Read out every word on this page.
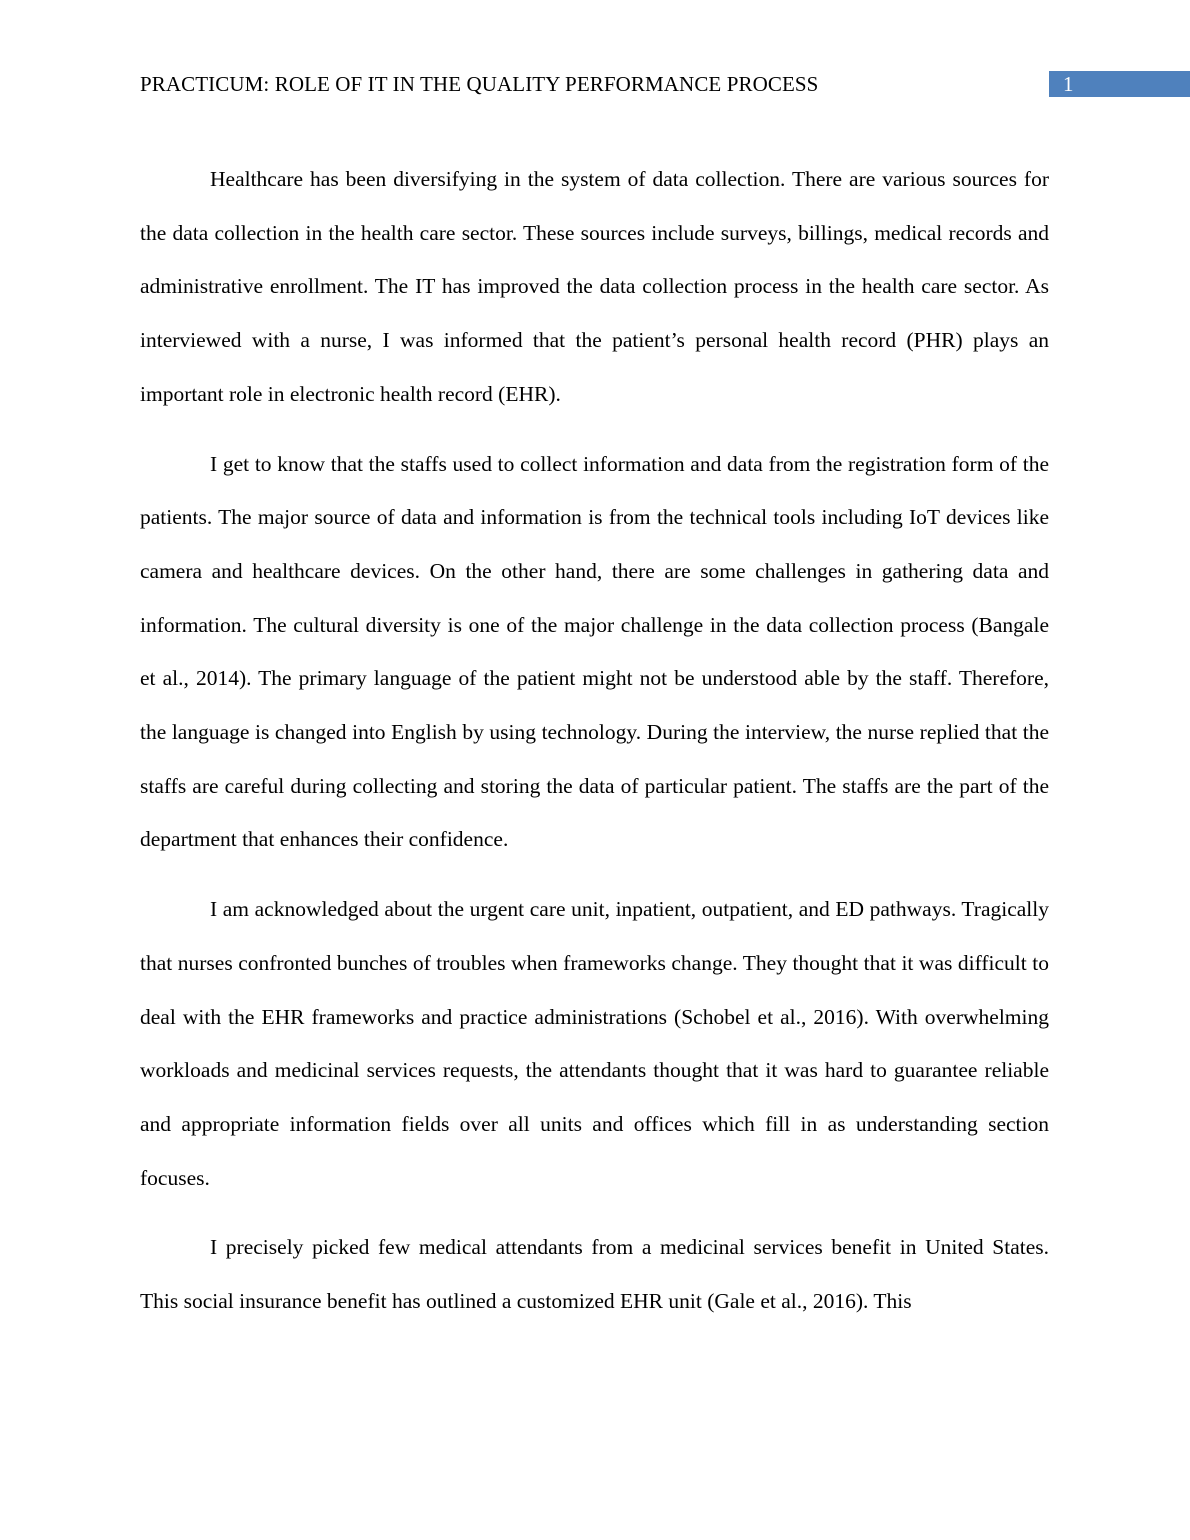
PRACTICUM: ROLE OF IT IN THE QUALITY PERFORMANCE PROCESS	1

Healthcare has been diversifying in the system of data collection. There are various sources for the data collection in the health care sector. These sources include surveys, billings, medical records and administrative enrollment. The IT has improved the data collection process in the health care sector. As interviewed with a nurse, I was informed that the patient’s personal health record (PHR) plays an important role in electronic health record (EHR).

I get to know that the staffs used to collect information and data from the registration form of the patients. The major source of data and information is from the technical tools including IoT devices like camera and healthcare devices. On the other hand, there are some challenges in gathering data and information. The cultural diversity is one of the major challenge in the data collection process (Bangale et al., 2014). The primary language of the patient might not be understood able by the staff. Therefore, the language is changed into English by using technology. During the interview, the nurse replied that the staffs are careful during collecting and storing the data of particular patient. The staffs are the part of the department that enhances their confidence.

I am acknowledged about the urgent care unit, inpatient, outpatient, and ED pathways. Tragically that nurses confronted bunches of troubles when frameworks change. They thought that it was difficult to deal with the EHR frameworks and practice administrations (Schobel et al., 2016). With overwhelming workloads and medicinal services requests, the attendants thought that it was hard to guarantee reliable and appropriate information fields over all units and offices which fill in as understanding section focuses.

I precisely picked few medical attendants from a medicinal services benefit in United States. This social insurance benefit has outlined a customized EHR unit (Gale et al., 2016). This
